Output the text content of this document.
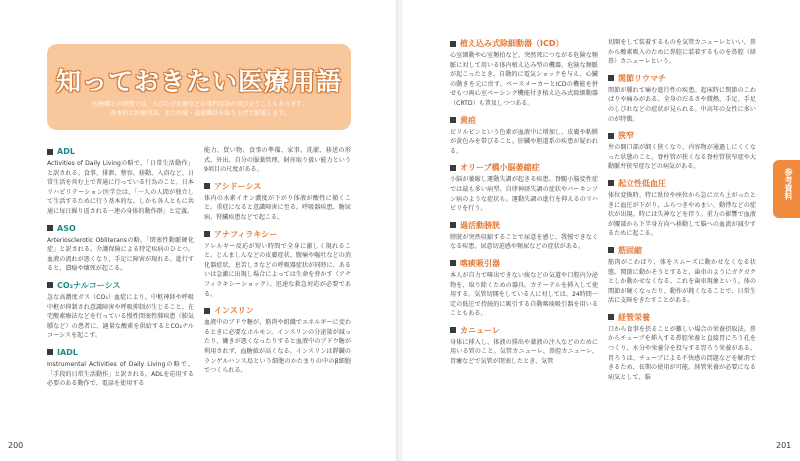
知っておきたい医療用語
医療職との連携では、たびたび医療などの専門用語が飛び交うこともあります。
基本的な医療用語、また医療・福祉職員を取り上げて解説します。
ADL
Activities of Daily Livingの略で、「日常生活動作」と訳される。食事、排泄、整容、移動、入浴など、日常生活を営む上で普通に行っている行為のこと。日本リハビリテーション医学会は、「一人の人間が独立して生活するために行う基本的な、しかも各人ともに共通に毎日繰り返される一連の身体的動作群」と定義。
ASO
Arteriosclerotic Obliteransの略。「閉塞性動脈硬化症」と訳される。介護保険による特定疾病のひとつ。血液の流れが悪くなり、手足に障害が現れる。進行すると、潰瘍や壊死が起こる。
CO₂ナルコーシス
急な高濃度ガス（CO₂）血症により、中枢神経や呼吸中枢が抑制され意識障害や呼吸抑制が生じること。在宅酸素療法などを行っている慢性閉塞性肺疾患（肺気腫など）の患者に、適量な酸素を供給するとCO₂ナルコーシスを起こす。
IADL
Instrumental Activities of Daily Livingの略で、「手段的日常生活動作」と訳される。ADLを応用する必要のある動作で、電話を使用する
能力、買い物、食事の準備、家事、洗濯、移送の形式、外出、自分の服薬管理、財産取り扱い能力という9項目の尺度がある。
アシドーシス
体内の水素イオン濃度が下がり体液が酸性に傾くこと。重症になると意識障害に至る。呼吸器疾患、糖尿病、腎臓疾患などで起こる。
アナフィラキシー
アレルギー反応が短い時間で全身に激しく現れること。じんましんなどの皮膚症状、腹痛や嘔吐などの消化器症状、息苦しさなどの呼吸器症状が同時に、あるいは急激に出現し場合によっては生命を脅かす（アナフィラキシーショック）。迅速な救急対応が必要である。
インスリン
血液中のブドウ糖が、筋肉や組織でエネルギーに変わるときに必要なホルモン。インスリンの分泌量が減ったり、働きが悪くなったりすると血液中のブドウ糖が利用されず、血糖値が高くなる。インスリンは膵臓のランゲルハンス島という細胞のかたまりの中のβ細胞でつくられる。
200
植え込み式除細動器（ICD）
心室細動や心室頻拍など、突然死につながる危険な頻脈に対して用いる体内植え込み型の機器。危険な頻脈が起こったとき、自動的に電気ショックを与え、心臓の動きを元に戻す。ペースメーカーとICDの機能を併せもつ両心室ペーシング機能付き植え込み式除細動器（CRTD）も普及しつつある。
黄疸
ビリルビンという色素が血液中に増加し、皮膚や粘膜が黄色みを帯びること。肝臓や胆道系の疾患が疑われる。
オリーブ橋小脳萎縮症
小脳が萎縮し運動失調が起きる疾患。脊髄小脳変性症では最も多い病型。自律神経失調の症状やパーキンソン病のような症状も。運動失調の進行を抑えるのリハビリを行う。
過活動膀胱
膀胱が突然収縮することで尿意を感じ、我慢できなくなる疾患。尿意切迫感や頻尿などの症状がある。
喀痰吸引器
本人が自力で喀出できない痰などの気道や口腔内分泌物を、取り除くための器具。カテーテルを挿入して使用する。気管切開をしている人に対しては、24時間一定の低圧で持続的に吸引する自動喀痰吸引器を用いることもある。
カニューレ
身体に挿入し、体液の排出や薬液の注入などのために用いる管のこと。気管カニューレ、鼻腔カニューレ、胃瘻などで気管が閉塞したとき、気管
切開をして装着するものを気管カニューレといい、鼻から酸素吸入のために鼻腔に装着するものを鼻腔（経鼻）カニューレという。
関節リウマチ
関節が腫れて痛む進行性の疾患。起床時に関節のこわばりや痛みがある。全身のだるさや微熱、手足、手足のしびれなどの症状が見られる。中高年の女性に多いのが特徴。
狭窄
弁の開口部が細く狭くなり、内容物が通過しにくくなった状態のこと。脊柱管が狭くなる脊柱管狭窄症や大動脈弁狭窄症などの病気がある。
起立性低血圧
体位変換時、特に臥位や座位から急に立ち上がったときに血圧が下がり、ふらつきやめまい、動悸などの症状が出現。時には失神などを伴う。重力の影響で血液が腰部から下半身方向へ移動して脳への血流が減少するために起こる。
筋固縮
筋肉がこわばり、体をスムーズに動かせなくなる状態。関節に動かそうとすると、歯車のようにガクガクとしか動かせなくなる。これを歯車現象という。体の関節が硬くなったり、動作が鈍くなることで、日常生活に支障をきたすことがある。
経管栄養
口から食事を摂ることが難しい場合の栄養摂取法。鼻からチューブを挿入する鼻腔栄養と直接胃にろう孔をつくり、水分や栄養分を投与する胃ろう栄養がある。胃ろうは、チューブによる不快感の問題などを解消できるため、長期の使用が可能。経管栄養が必要になる病気として、脳
201
参考資料
